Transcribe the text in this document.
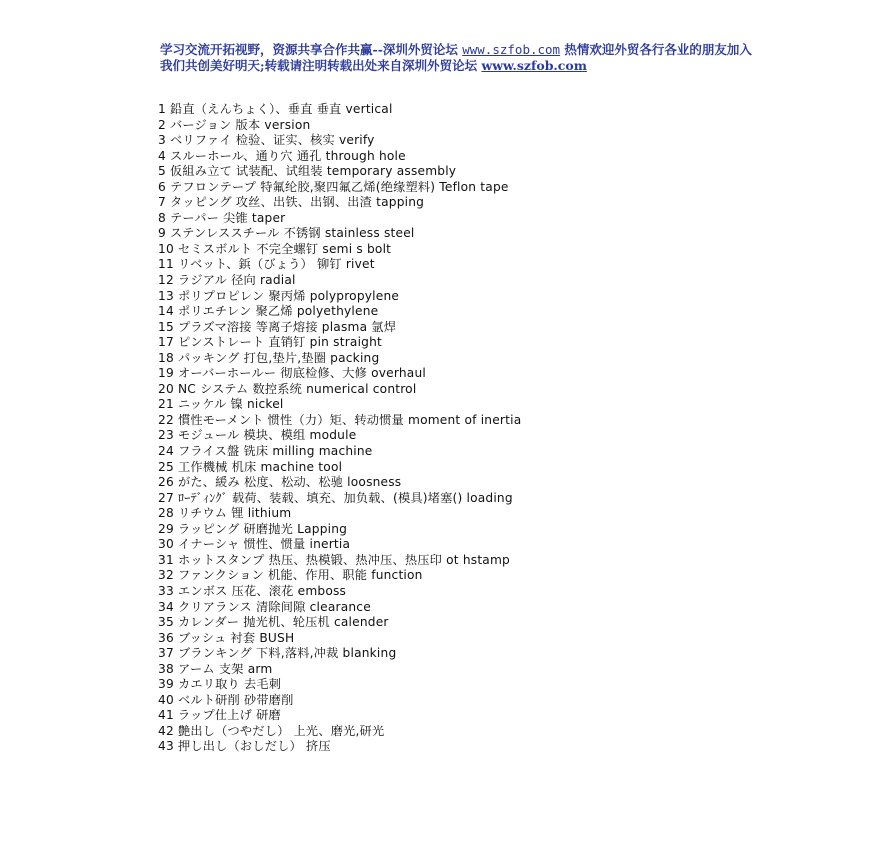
学习交流开拓视野，资源共享合作共赢--深圳外贸论坛 www.szfob.com 热情欢迎外贸各行各业的朋友加入我们共创美好明天;转载请注明转载出处来自深圳外贸论坛 www.szfob.com
1 鉛直（えんちょく）、垂直 垂直 vertical
2 バージョン 版本 version
3 ベリファイ 检验、证实、核实 verify
4 スルーホール、通り穴 通孔 through hole
5 仮組み立て 试装配、试组装 temporary assembly
6 テフロンテープ 特氟纶胶,聚四氟乙烯(绝缘塑料) Teflon tape
7 タッピング 攻丝、出铁、出钢、出渣 tapping
8 テーパー 尖锥 taper
9 ステンレススチール 不锈钢 stainless steel
10 セミスボルト 不完全螺钉 semi s bolt
11 リベット、鋲（びょう） 铆钉 rivet
12 ラジアル 径向 radial
13 ポリプロピレン 聚丙烯 polypropylene
14 ポリエチレン 聚乙烯 polyethylene
15 プラズマ溶接 等离子熔接 plasma 氩焊
17 ピンストレート 直销钉 pin straight
18 パッキング 打包,垫片,垫圈 packing
19 オーバーホールー 彻底检修、大修 overhaul
20 NC システム 数控系统 numerical control
21 ニッケル 镍 nickel
22 慣性モーメント 惯性（力）矩、转动惯量 moment of inertia
23 モジュール 模块、模组 module
24 フライス盤 铣床 milling machine
25 工作機械 机床 machine tool
26 がた、緩み 松度、松动、松驰 loosness
27 ﾛｰﾃﾞｨﾝｸﾞ 载荷、装载、填充、加负载、(模具)堵塞() loading
28 リチウム 锂 lithium
29 ラッピング 研磨抛光 Lapping
30 イナーシャ 惯性、惯量 inertia
31 ホットスタンプ 热压、热模锻、热冲压、热压印 ot hstamp
32 ファンクション 机能、作用、职能 function
33 エンボス 压花、滚花 emboss
34 クリアランス 清除间隙 clearance
35 カレンダー 抛光机、轮压机 calender
36 ブッシュ 衬套 BUSH
37 ブランキング 下料,落料,冲裁 blanking
38 アーム 支架 arm
39 カエリ取り 去毛刺
40 ベルト研削 砂带磨削
41 ラップ仕上げ 研磨
42 艶出し（つやだし） 上光、磨光,研光
43 押し出し（おしだし） 挤压
